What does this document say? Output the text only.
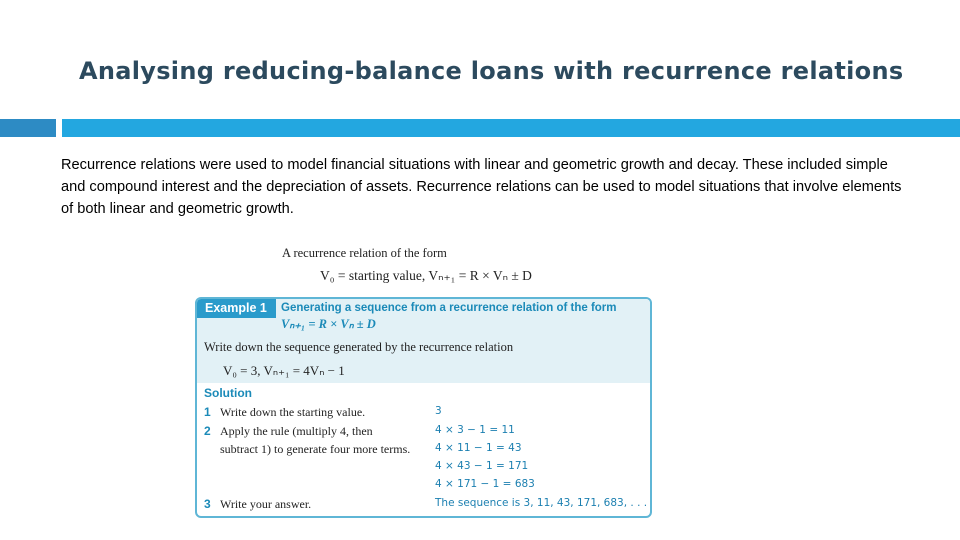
Analysing reducing-balance loans with recurrence relations
Recurrence relations were used to model financial situations with linear and geometric growth and decay. These included simple and compound interest and the depreciation of assets. Recurrence relations can be used to model situations that involve elements of both linear and geometric growth.
A recurrence relation of the form
V₀ = starting value, Vₙ₊₁ = R × Vₙ ± D
Example 1	Generating a sequence from a recurrence relation of the form
Vₙ₊₁ = R × Vₙ ± D
Write down the sequence generated by the recurrence relation
V₀ = 3, Vₙ₊₁ = 4Vₙ − 1
Solution
1 Write down the starting value.
2 Apply the rule (multiply 4, then
subtract 1) to generate four more terms.
3 Write your answer.
3
4 × 3 − 1 = 11
4 × 11 − 1 = 43
4 × 43 − 1 = 171
4 × 171 − 1 = 683
The sequence is 3, 11, 43, 171, 683, . . .
